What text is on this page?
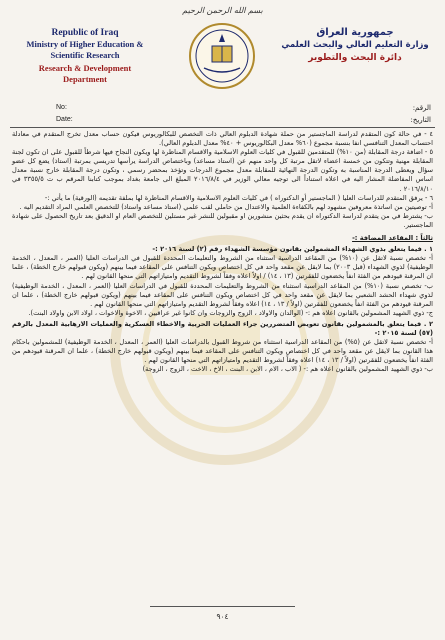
بسم الله الرحمن الرحيم
Republic of Iraq
Ministry of Higher Education &
Scientific Research
Research & Development
Department
جمهورية العراق
وزارة التعليم العالي والبحث العلمي
دائرة البحث والتطوير
No:
Date:
الرقم:
التاريخ:

٤ - في حالة كون المتقدم لدراسة الماجستير من حملة شهادة الدبلوم العالي ذات التخصص للبكالوريوس فيكون حساب معدل تخرج المتقدم في معادلة احتساب المعدل التنافسي انفا بنسبة مجموع (٦٠% معدل البكالوريوس + ٤٠% معدل الدبلوم العالي).

٥ - اضافة درجة المقابلة (من ١٠%) للمتقدمين للقبول في كليات العلوم الاسلامية والاقسام المناظرة لها ويكون النجاح فيها شرطاً للقبول على ان تكون لجنة المقابلة مهنية وتتكون من خمسة اعضاء لاتقل مرتبة كل واحد منهم عن (استاذ مساعد) وباختصاص الدراسة يرأسها تدريسي بمرتبة (استاذ) يضع كل عضو سؤال ويعطى الدرجة المناسبة به وتكون الدرجة النهائية للمقابلة معدل مجموع الدرجات وتؤخذ بمحضر رسمي ، وتكون درجة المقابلة خارج نسبة معدل اساس المفاضلة المشار اليه في اعلاه استناداً الى توجيه معالي الوزير في ٢٠١٦/٨/٤ المبلغ الى جامعة بغداد بموجب كتابنا المرقم ب ت ٣٣٥٥/٥ في ٢٠١٦/٨/١٠ .

٦ - يرفق المتقدم للدراسات العليا ( الماجستير أو الدكتوراه ) في كليات العلوم الاسلامية والاقسام المناظرة لها بملفة تقديمه (الورقية) ما يأتي :-

أ- توصيتين من اساتذة معروفين مشهود لهم بالكفاءة العلمية والاعتدال من حاملي لقب علمي (استاذ مساعد واستاذ) للتخصص العلمي المراد التقديم اليه .

ب- يشترط في من يتقدم لدراسة الدكتوراه ان يقدم بحثين منشورين او مقبولين للنشر غير مستلين للتخصص العام او الدقيق بعد تاريخ الحصول على شهادة الماجستير.

ثالثاً : المقاعد المضافة :-

١ . فيما يتعلق بذوي الشهداء المشمولين بقانون مؤسسة الشهداء رقم (٢) لسنة ٢٠١٦ :-

أ- تخصص نسبة لاتقل عن (١٠%) من المقاعد الدراسية استثناء من الشروط والتعليمات المحددة للقبول في الدراسات العليا (العمر ، المعدل ، الخدمة الوظيفية) لذوي الشهداء (قبل ٢٠٠٣) بما لايقل عن مقعد واحد في كل اختصاص ويكون التنافس على المقاعد فيما بينهم (ويكون قبولهم خارج الخطة) ، علما ان المرقنة قيودهم من الفئة انفاً يخضعون للفقرتين (١٣ ، ١٤) / اولاً اعلاه وفقاً لشروط التقديم وامتيازاتهم التي منحها القانون لهم .

ب- تخصص نسبة (١٠%) من المقاعد الدراسية استثناء من الشروط والتعليمات المحددة للقبول في الدراسات العليا (العمر ، المعدل ، الخدمة الوظيفية) لذوي شهداء الحشد الشعبي بما لايقل عن مقعد واحد في كل اختصاص ويكون التنافس على المقاعد فيما بينهم (ويكون قبولهم خارج الخطة) ، علما ان المرقنة قيودهم من الفئة انفاً يخضعون للفقرتين (اولاً / ١٣ ، ١٤) اعلاه وفقاً لشروط التقديم وامتيازاتهم التي منحها القانون لهم .

ج- ذوي الشهيد المشمولين بالقانون اعلاه هم :- (الوالدان والاولاد ، الزوج والزوجات وان كانوا غير عراقيين ، الاخوة والاخوات ، اولاد الابن واولاد البنت).

٢ . فيما يتعلق بالمشمولين بقانون تعويض المتضررين جراء العمليات الحربية والاخطاء العسكرية والعمليات الارهابية المعدل بالرقم (٥٧) لسنة ٢٠١٥ :-

أ- تخصص نسبة لاتقل عن (٥%) من المقاعد الدراسية استثناء من شروط القبول بالدراسات العليا (العمر ، المعدل ، الخدمة الوظيفية) للمشمولين باحكام هذا القانون بما لايقل عن مقعد واحد في كل اختصاص ويكون التنافس على المقاعد فيما بينهم (ويكون قبولهم خارج الخطة) ، علما ان المرقنة قيودهم من الفئة انفاً يخضعون للفقرتين (اولاً / ١٣ ، ١٤) اعلاه وفقاً لشروط التقديم وامتيازاتهم التي منحها القانون لهم .

ب- ذوي الشهيد المشمولين بالقانون اعلاه هم :- ( الاب ، الام ، الابن ، البنت ، الاخ ، الاخت ، الزوج ، الزوجة)

٩٠٤
